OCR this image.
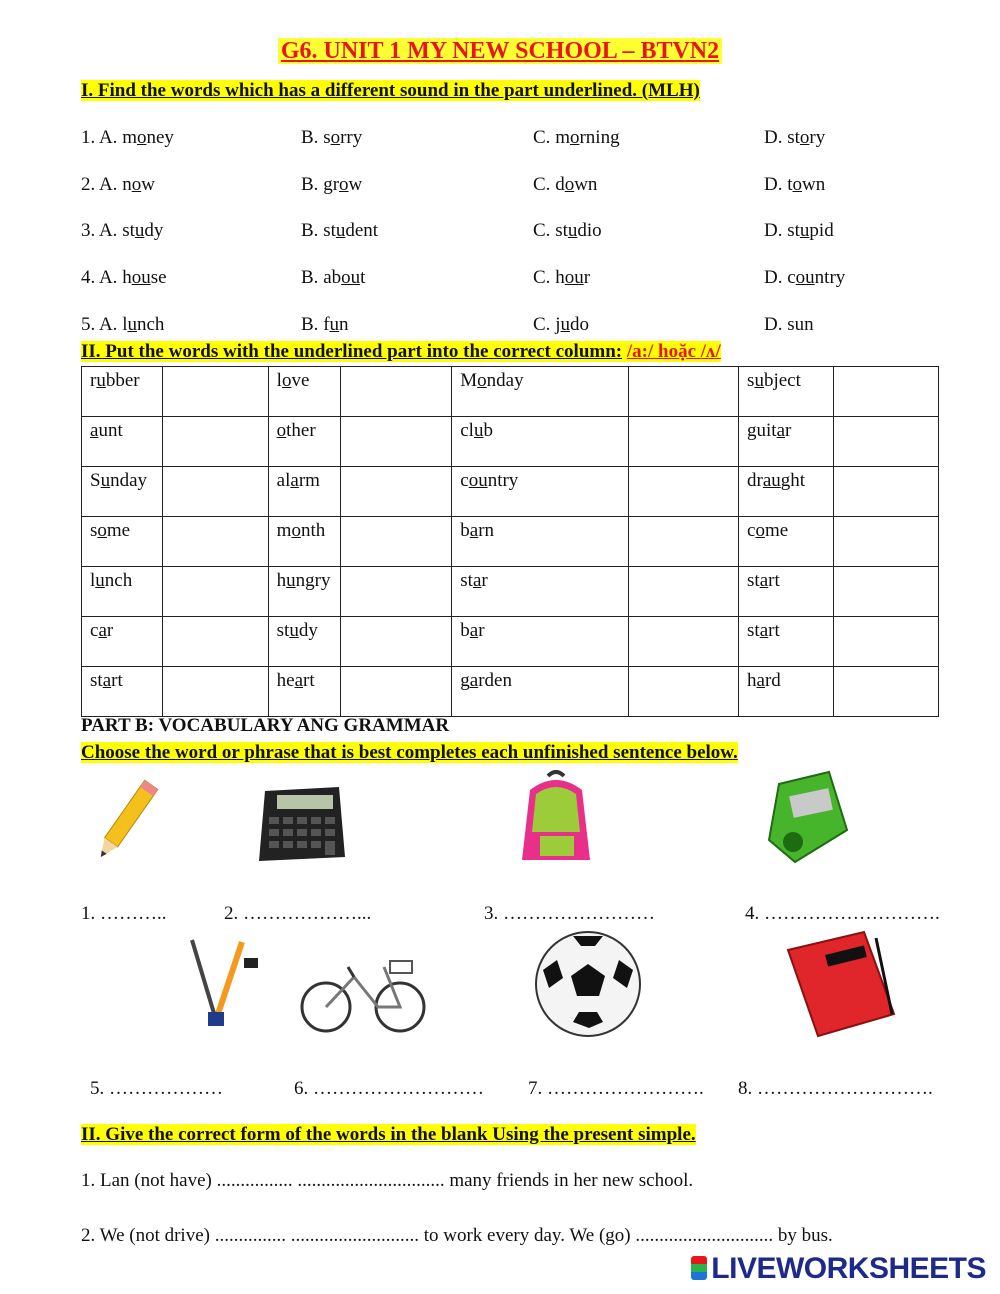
G6. UNIT 1 MY NEW SCHOOL – BTVN2
I. Find the words which has a different sound in the part underlined. (MLH)
1. A. money	B. sorry	C. morning	D. story
2. A. now	B. grow	C. down	D. town
3. A. study	B. student	C. studio	D. stupid
4. A. house	B. about	C. hour	D. country
5. A. lunch	B. fun	C. judo	D. sun
II. Put the words with the underlined part into the correct column: /a:/ hoặc /ʌ/
rubber		love		Monday		subject	
aunt		other		club		guitar	
Sunday		alarm		country		draught	
some		month		barn		come	
lunch		hungry		star		start	
car		study		bar		start	
start		heart		garden		hard	
PART B: VOCABULARY ANG GRAMMAR
Choose the word or phrase that is best completes each unfinished sentence below.
1. ………..	2. ………………...	3. ……………………	4. ……………………….
5. ………………	6. ……………………… 7. ……………………. 8. ……………………….
II. Give the correct form of the words in the blank Using the present simple.
1. Lan (not have) ................ ............................... many friends in her new school.
2. We (not drive) ............... ........................... to work every day. We (go) ............................. by bus.
LIVEWORKSHEETS
